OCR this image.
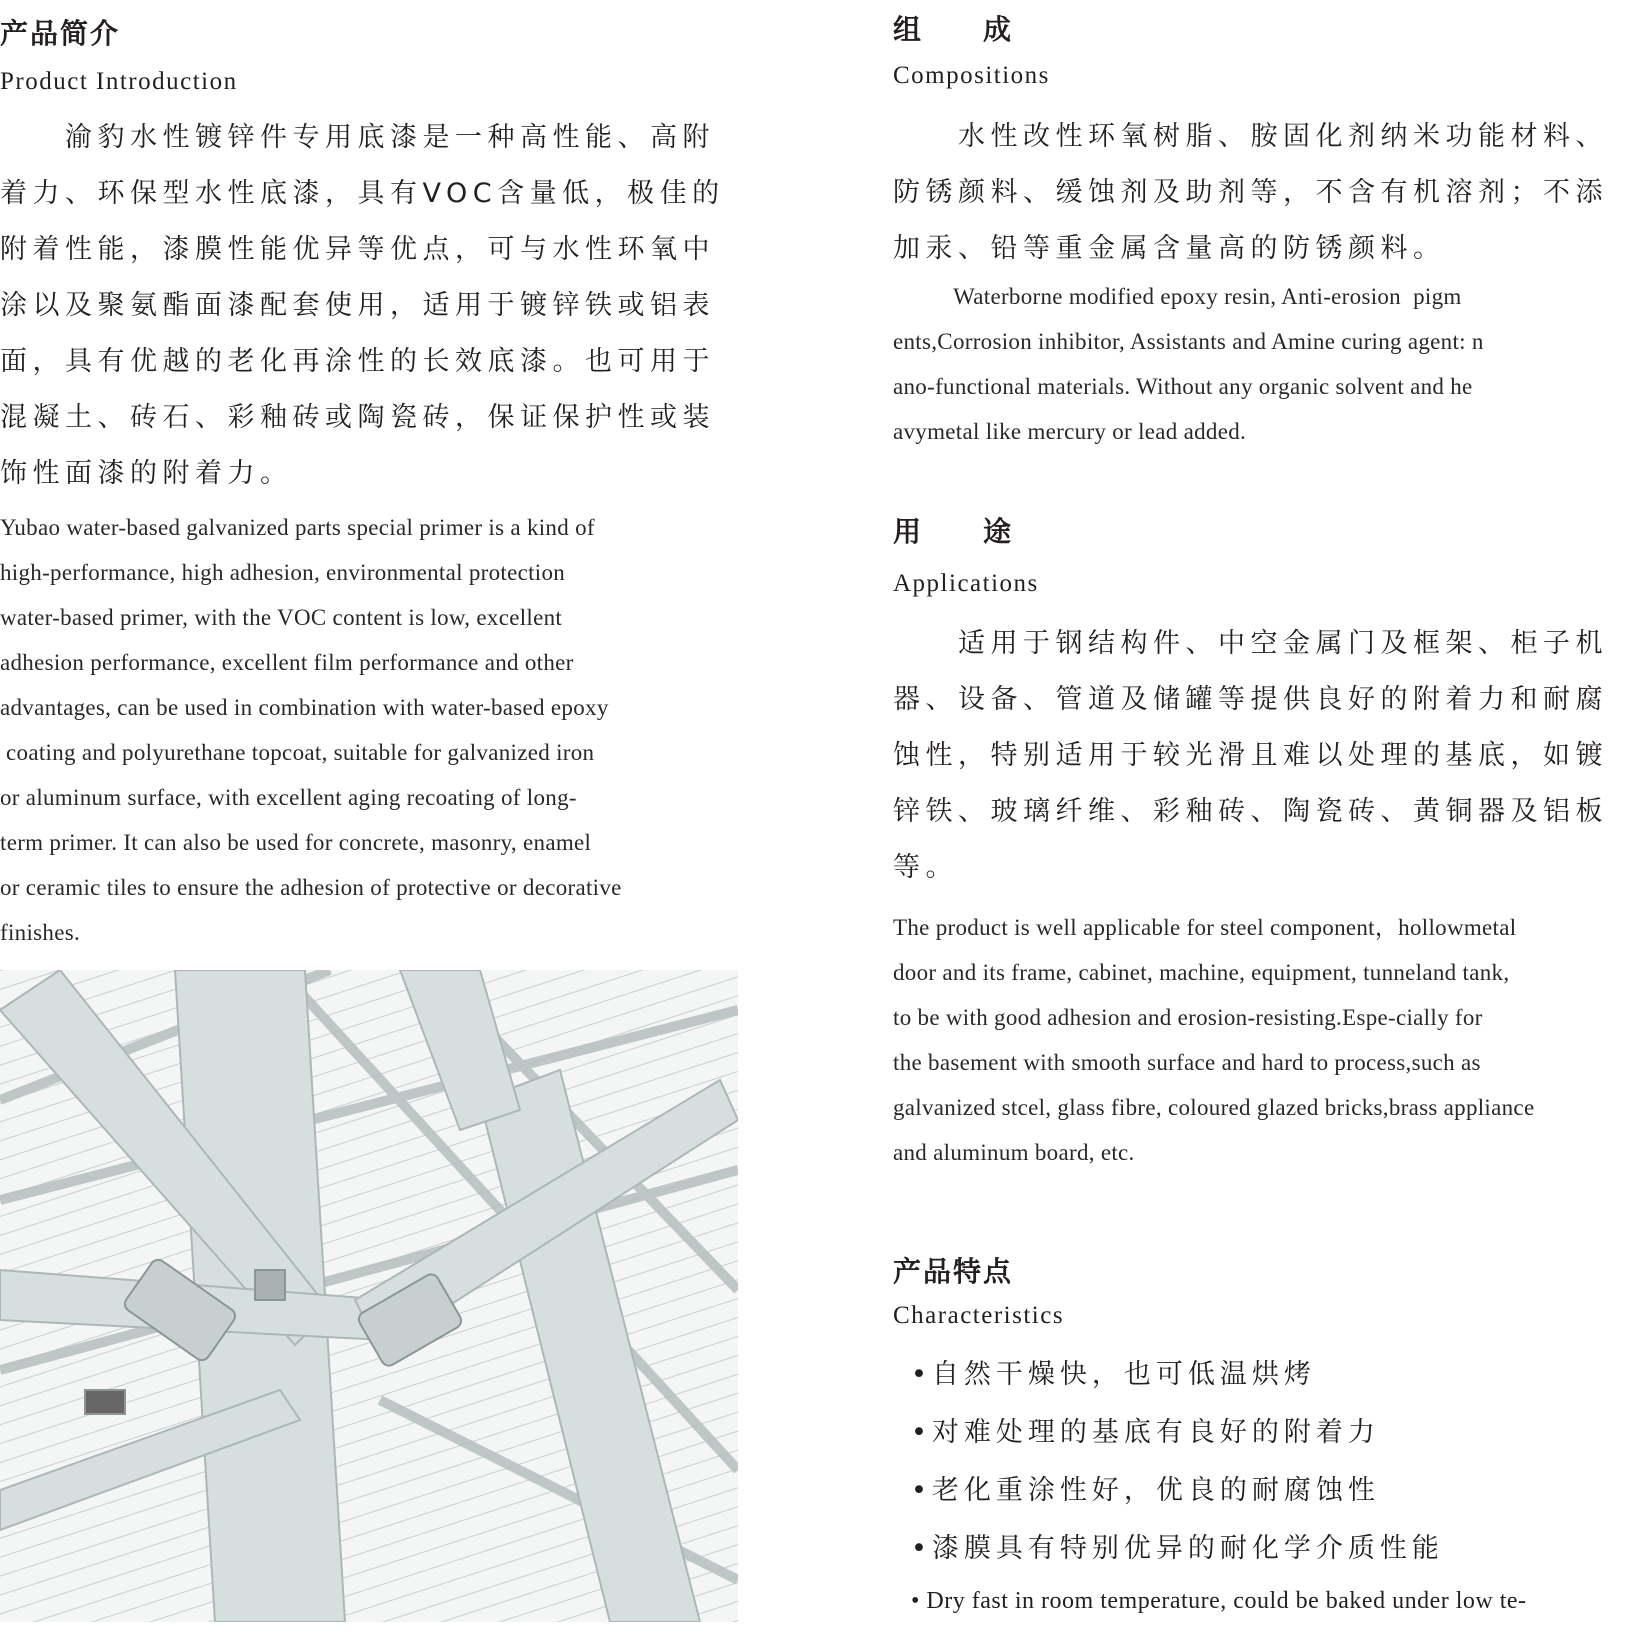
产品简介
Product Introduction
　　渝豹水性镀锌件专用底漆是一种高性能、高附
着力、环保型水性底漆，具有VOC含量低，极佳的
附着性能，漆膜性能优异等优点，可与水性环氧中
涂以及聚氨酯面漆配套使用，适用于镀锌铁或铝表
面，具有优越的老化再涂性的长效底漆。也可用于
混凝土、砖石、彩釉砖或陶瓷砖，保证保护性或装
饰性面漆的附着力。
Yubao water-based galvanized parts special primer is a kind of
high-performance, high adhesion, environmental protection
water-based primer, with the VOC content is low, excellent
adhesion performance, excellent film performance and other
advantages, can be used in combination with water-based epoxy
coating and polyurethane topcoat, suitable for galvanized iron
or aluminum surface, with excellent aging recoating of long-
term primer. It can also be used for concrete, masonry, enamel
or ceramic tiles to ensure the adhesion of protective or decorative
finishes.
组　　成
Compositions
　　水性改性环氧树脂、胺固化剂纳米功能材料、
防锈颜料、缓蚀剂及助剂等，不含有机溶剂；不添
加汞、铅等重金属含量高的防锈颜料。
Waterborne modified epoxy resin, Anti-erosion  pigm
ents,Corrosion inhibitor, Assistants and Amine curing agent: n
ano-functional materials. Without any organic solvent and he
avymetal like mercury or lead added.
用　　途
Applications
　　适用于钢结构件、中空金属门及框架、柜子机
器、设备、管道及储罐等提供良好的附着力和耐腐
蚀性，特别适用于较光滑且难以处理的基底，如镀
锌铁、玻璃纤维、彩釉砖、陶瓷砖、黄铜器及铝板
等。
The product is well applicable for steel component，hollowmetal
door and its frame, cabinet, machine, equipment, tunneland tank,
to be with good adhesion and erosion-resisting.Espe-cially for
the basement with smooth surface and hard to process,such as
galvanized stcel, glass fibre, coloured glazed bricks,brass appliance
and aluminum board, etc.
产品特点
Characteristics
•自然干燥快，也可低温烘烤
•对难处理的基底有良好的附着力
•老化重涂性好，优良的耐腐蚀性
•漆膜具有特别优异的耐化学介质性能
• Dry fast in room temperature, could be baked under low te-
